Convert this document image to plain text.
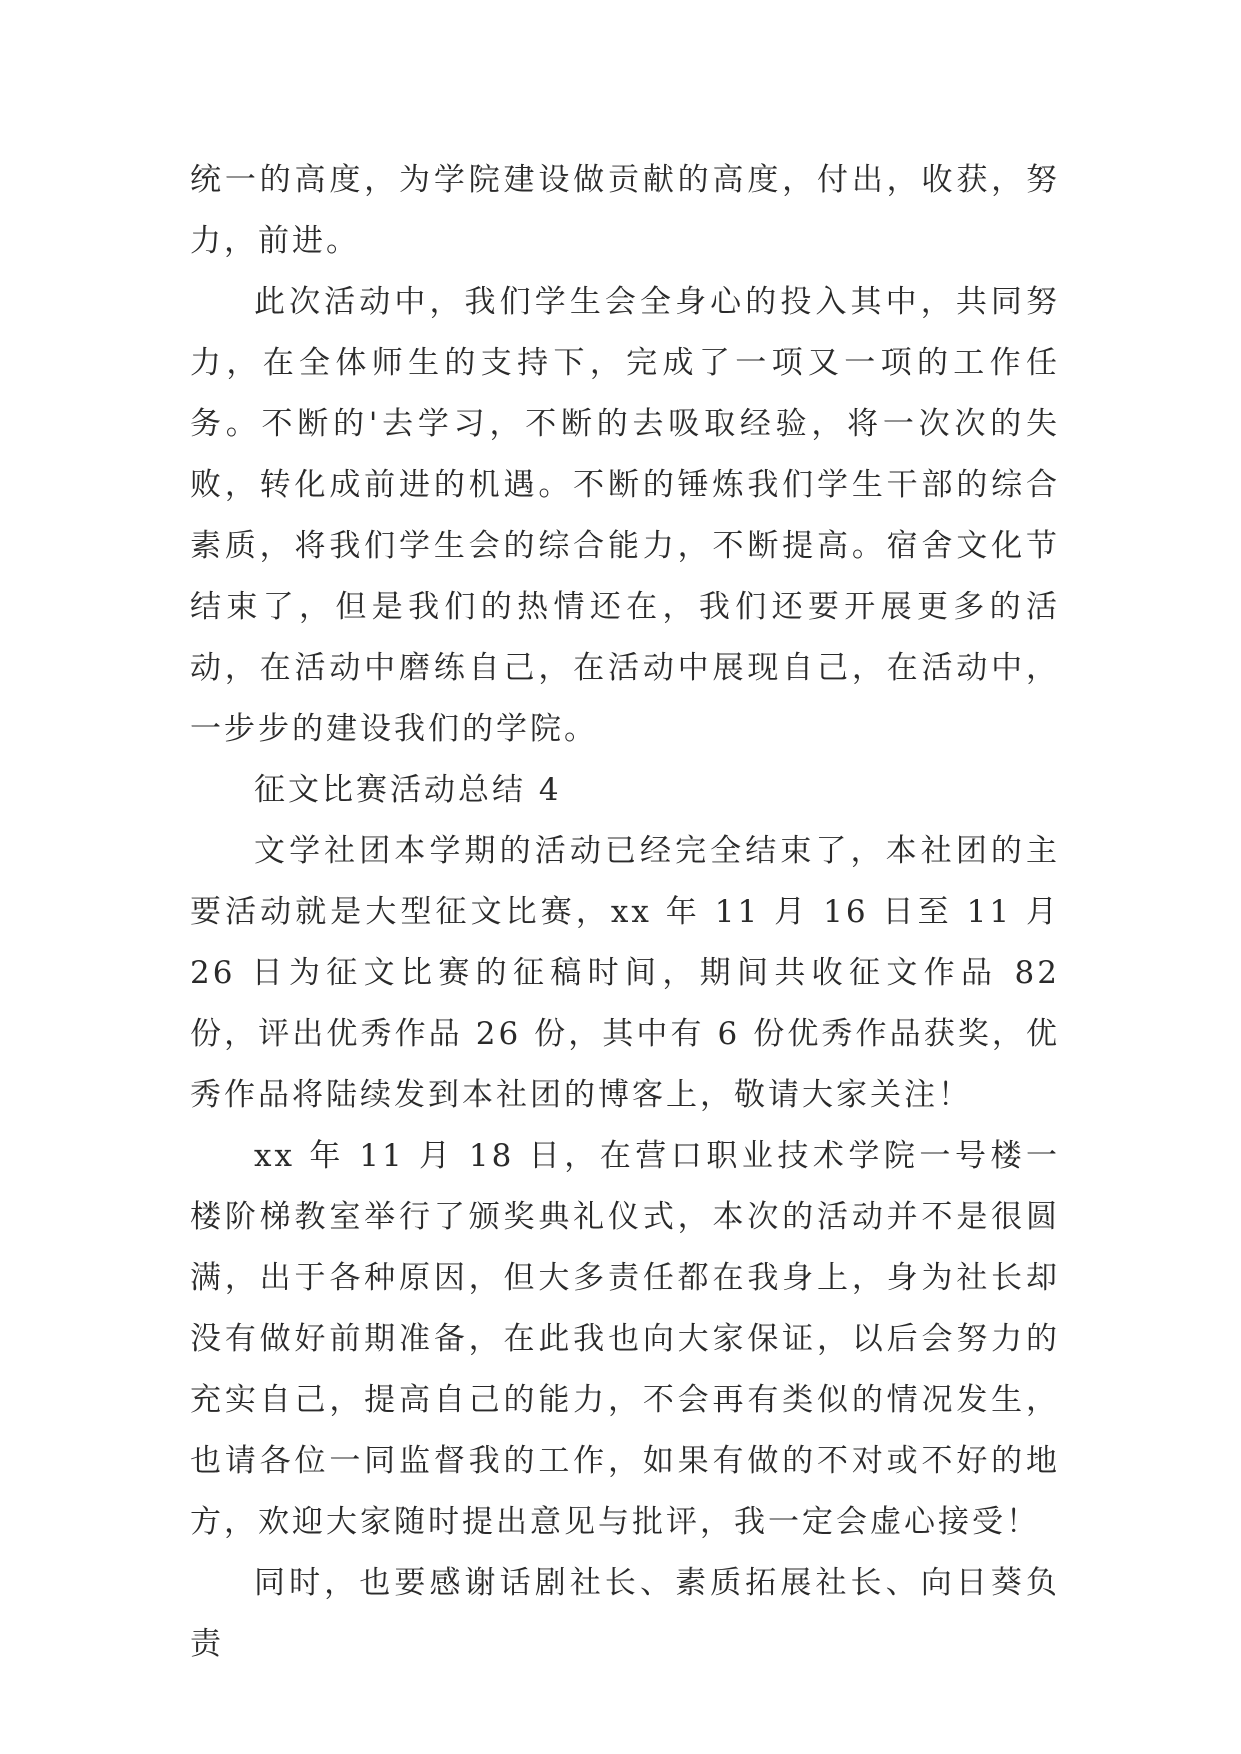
统一的高度，为学院建设做贡献的高度，付出，收获，努力，前进。

此次活动中，我们学生会全身心的投入其中，共同努力，在全体师生的支持下，完成了一项又一项的工作任务。不断的'去学习，不断的去吸取经验，将一次次的失败，转化成前进的机遇。不断的锤炼我们学生干部的综合素质，将我们学生会的综合能力，不断提高。宿舍文化节结束了，但是我们的热情还在，我们还要开展更多的活动，在活动中磨练自己，在活动中展现自己，在活动中，一步步的建设我们的学院。

征文比赛活动总结 4

文学社团本学期的活动已经完全结束了，本社团的主要活动就是大型征文比赛，xx 年 11 月 16 日至 11 月 26 日为征文比赛的征稿时间，期间共收征文作品 82 份，评出优秀作品 26 份，其中有 6 份优秀作品获奖，优秀作品将陆续发到本社团的博客上，敬请大家关注！

xx 年 11 月 18 日，在营口职业技术学院一号楼一楼阶梯教室举行了颁奖典礼仪式，本次的活动并不是很圆满，出于各种原因，但大多责任都在我身上，身为社长却没有做好前期准备，在此我也向大家保证，以后会努力的充实自己，提高自己的能力，不会再有类似的情况发生，也请各位一同监督我的工作，如果有做的不对或不好的地方，欢迎大家随时提出意见与批评，我一定会虚心接受！

同时，也要感谢话剧社长、素质拓展社长、向日葵负责
